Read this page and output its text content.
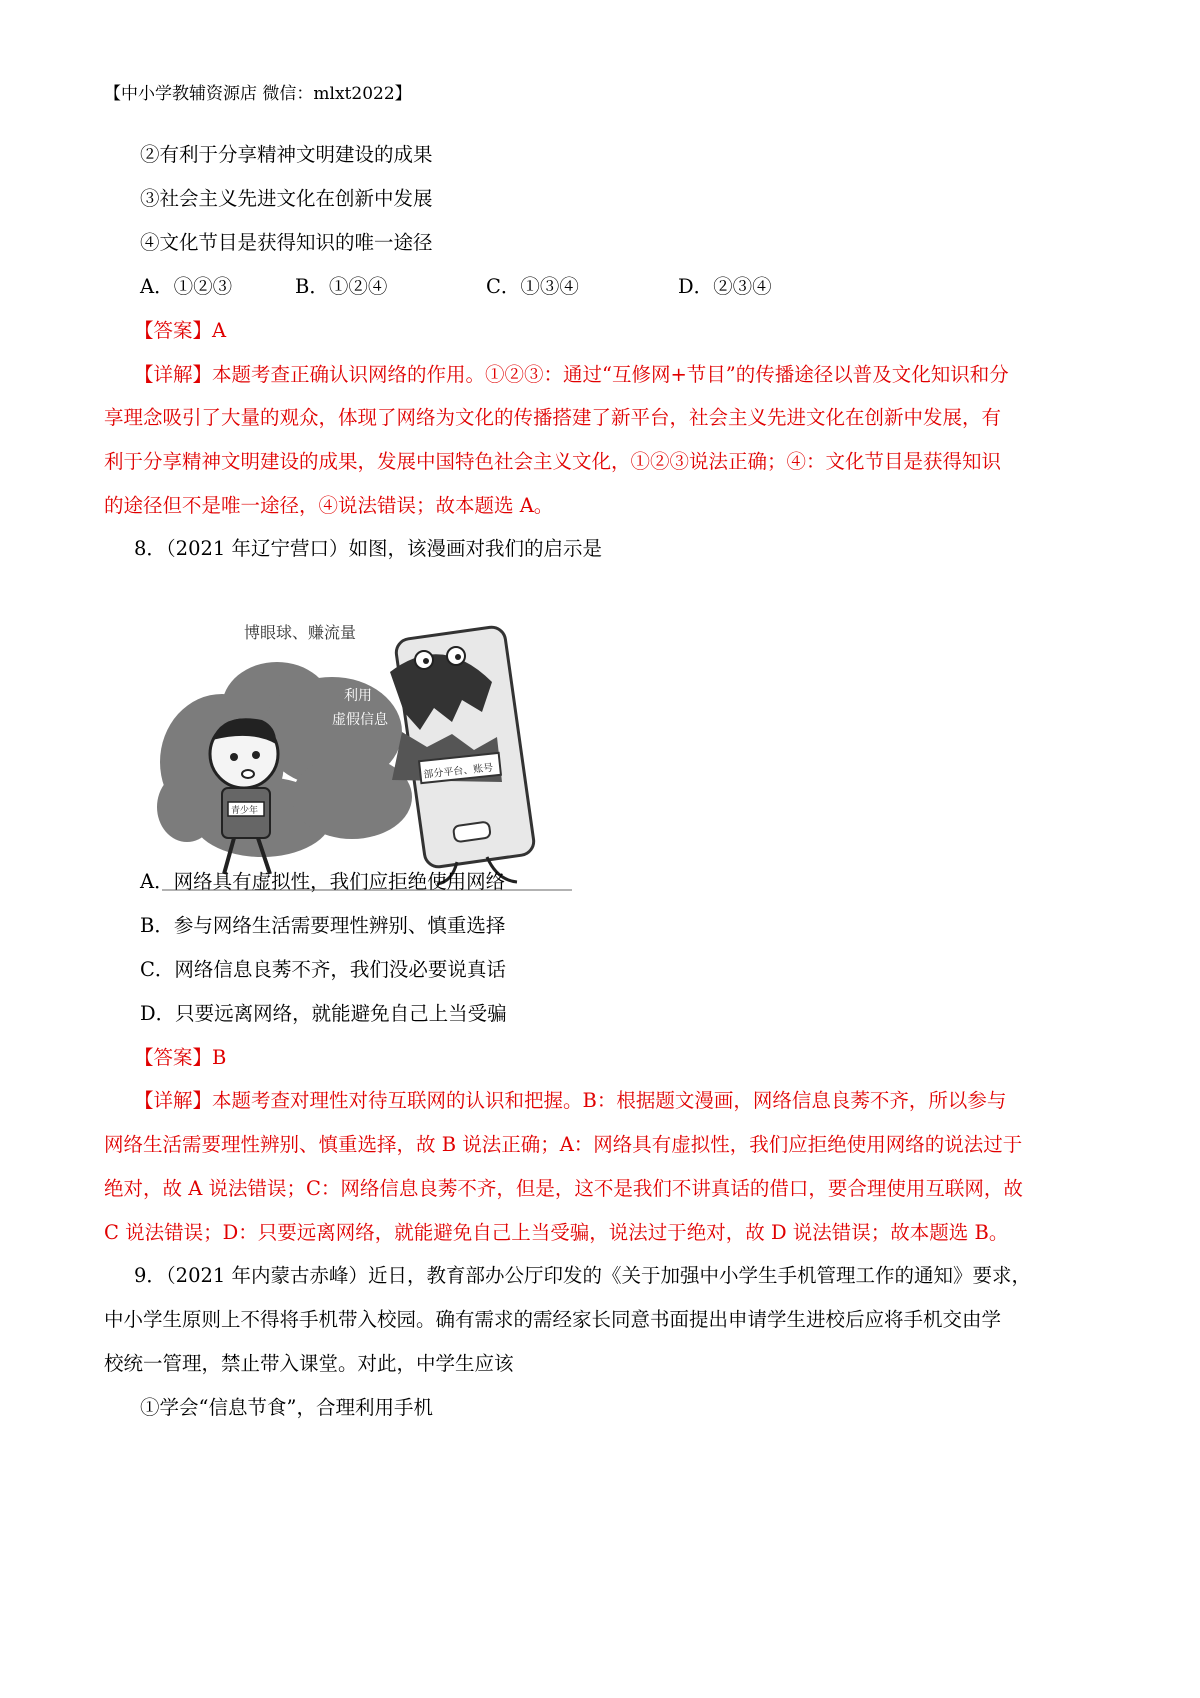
【中小学教辅资源店 微信：mlxt2022】
②有利于分享精神文明建设的成果
③社会主义先进文化在创新中发展
④文化节目是获得知识的唯一途径
A．①②③	B．①②④	C．①③④	D．②③④
【答案】A
【详解】本题考查正确认识网络的作用。①②③：通过“互修网+节目”的传播途径以普及文化知识和分
享理念吸引了大量的观众，体现了网络为文化的传播搭建了新平台，社会主义先进文化在创新中发展，有
利于分享精神文明建设的成果，发展中国特色社会主义文化，①②③说法正确；④：文化节目是获得知识
的途径但不是唯一途径，④说法错误；故本题选 A。
8．（2021 年辽宁营口）如图，该漫画对我们的启示是
部分平台、账号
博眼球、赚流量
利用
虚假信息
青少年
A．网络具有虚拟性，我们应拒绝使用网络
B．参与网络生活需要理性辨别、慎重选择
C．网络信息良莠不齐，我们没必要说真话
D．只要远离网络，就能避免自己上当受骗
【答案】B
【详解】本题考查对理性对待互联网的认识和把握。B：根据题文漫画，网络信息良莠不齐，所以参与
网络生活需要理性辨别、慎重选择，故 B 说法正确；A：网络具有虚拟性，我们应拒绝使用网络的说法过于
绝对，故 A 说法错误；C：网络信息良莠不齐，但是，这不是我们不讲真话的借口，要合理使用互联网，故
C 说法错误；D：只要远离网络，就能避免自己上当受骗，说法过于绝对，故 D 说法错误；故本题选 B。
9．（2021 年内蒙古赤峰）近日，教育部办公厅印发的《关于加强中小学生手机管理工作的通知》要求，
中小学生原则上不得将手机带入校园。确有需求的需经家长同意书面提出申请学生进校后应将手机交由学
校统一管理，禁止带入课堂。对此，中学生应该
①学会“信息节食”，合理利用手机
